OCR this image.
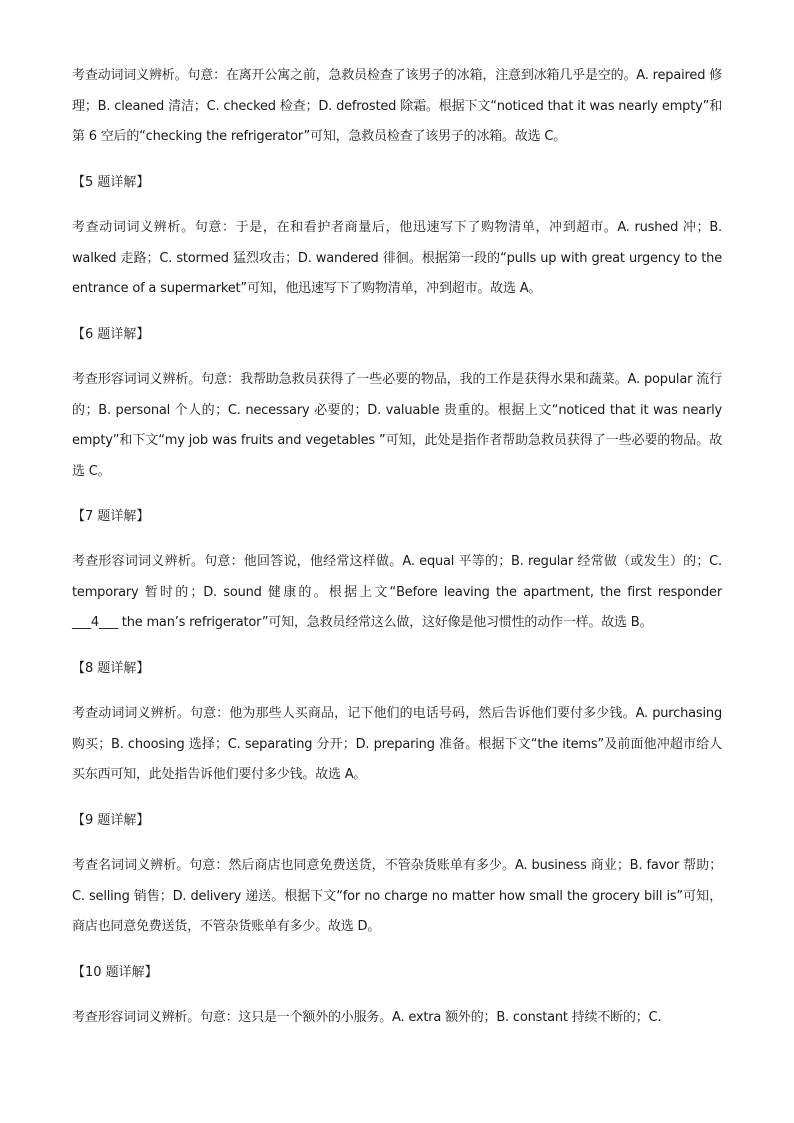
考查动词词义辨析。句意：在离开公寓之前，急救员检查了该男子的冰箱，注意到冰箱几乎是空的。A. repaired 修理；B. cleaned 清洁；C. checked 检查；D. defrosted 除霜。根据下文“noticed that it was nearly empty”和第 6 空后的“checking the refrigerator”可知，急救员检查了该男子的冰箱。故选 C。

【5 题详解】

考查动词词义辨析。句意：于是，在和看护者商量后，他迅速写下了购物清单，冲到超市。A. rushed 冲；B. walked 走路；C. stormed 猛烈攻击；D. wandered 徘徊。根据第一段的“pulls up with great urgency to the entrance of a supermarket”可知，他迅速写下了购物清单，冲到超市。故选 A。

【6 题详解】

考查形容词词义辨析。句意：我帮助急救员获得了一些必要的物品，我的工作是获得水果和蔬菜。A. popular 流行的；B. personal 个人的；C. necessary 必要的；D. valuable 贵重的。根据上文“noticed that it was nearly empty”和下文“my job was fruits and vegetables ”可知，此处是指作者帮助急救员获得了一些必要的物品。故选 C。

【7 题详解】

考查形容词词义辨析。句意：他回答说，他经常这样做。A. equal 平等的；B. regular 经常做（或发生）的；C. temporary 暂时的；D. sound 健康的。根据上文“Before leaving the apartment, the first responder ___4___ the man’s refrigerator”可知，急救员经常这么做，这好像是他习惯性的动作一样。故选 B。

【8 题详解】

考查动词词义辨析。句意：他为那些人买商品，记下他们的电话号码，然后告诉他们要付多少钱。A. purchasing 购买；B. choosing 选择；C. separating 分开；D. preparing 准备。根据下文“the items”及前面他冲超市给人买东西可知，此处指告诉他们要付多少钱。故选 A。

【9 题详解】

考查名词词义辨析。句意：然后商店也同意免费送货，不管杂货账单有多少。A. business 商业；B. favor 帮助；C. selling 销售；D. delivery 递送。根据下文“for no charge no matter how small the grocery bill is”可知，商店也同意免费送货，不管杂货账单有多少。故选 D。

【10 题详解】

考查形容词词义辨析。句意：这只是一个额外的小服务。A. extra 额外的；B. constant 持续不断的；C.
